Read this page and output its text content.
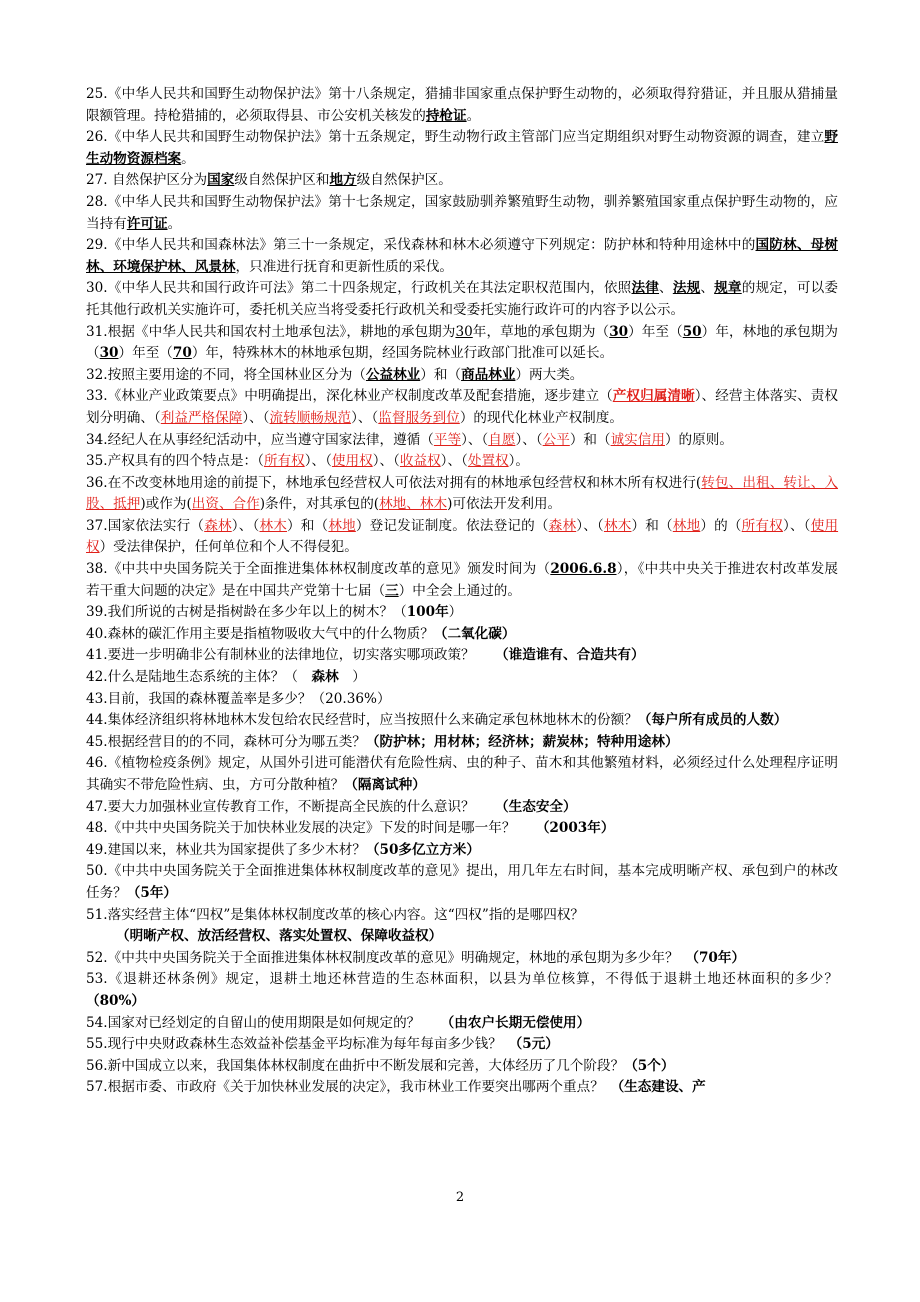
25.《中华人民共和国野生动物保护法》第十八条规定，猎捕非国家重点保护野生动物的，必须取得狩猎证，并且服从猎捕量限额管理。持枪猎捕的，必须取得县、市公安机关核发的持枪证。

26.《中华人民共和国野生动物保护法》第十五条规定，野生动物行政主管部门应当定期组织对野生动物资源的调查，建立野生动物资源档案。

27. 自然保护区分为国家级自然保护区和地方级自然保护区。

28.《中华人民共和国野生动物保护法》第十七条规定，国家鼓励驯养繁殖野生动物，驯养繁殖国家重点保护野生动物的，应当持有许可证。

29.《中华人民共和国森林法》第三十一条规定，采伐森林和林木必须遵守下列规定：防护林和特种用途林中的国防林、母树林、环境保护林、风景林，只准进行抚育和更新性质的采伐。

30.《中华人民共和国行政许可法》第二十四条规定，行政机关在其法定职权范围内，依照法律、法规、规章的规定，可以委托其他行政机关实施许可，委托机关应当将受委托行政机关和受委托实施行政许可的内容予以公示。

31.根据《中华人民共和国农村土地承包法》，耕地的承包期为30年，草地的承包期为（30）年至（50）年，林地的承包期为（30）年至（70）年，特殊林木的林地承包期，经国务院林业行政部门批准可以延长。

32.按照主要用途的不同，将全国林业区分为（公益林业）和（商品林业）两大类。

33.《林业产业政策要点》中明确提出，深化林业产权制度改革及配套措施，逐步建立（产权归属清晰）、经营主体落实、责权划分明确、（利益严格保障）、（流转顺畅规范）、（监督服务到位）的现代化林业产权制度。

34.经纪人在从事经纪活动中，应当遵守国家法律，遵循（平等）、（自愿）、（公平）和（诚实信用）的原则。

35.产权具有的四个特点是：（所有权）、（使用权）、（收益权）、（处置权）。

36.在不改变林地用途的前提下，林地承包经营权人可依法对拥有的林地承包经营权和林木所有权进行(转包、出租、转让、入股、抵押)或作为(出资、合作)条件，对其承包的(林地、林木)可依法开发利用。

37.国家依法实行（森林）、（林木）和（林地）登记发证制度。依法登记的（森林）、（林木）和（林地）的（所有权）、（使用权）受法律保护，任何单位和个人不得侵犯。

38.《中共中央国务院关于全面推进集体林权制度改革的意见》颁发时间为（2006.6.8），《中共中央关于推进农村改革发展若干重大问题的决定》是在中国共产党第十七届（三）中全会上通过的。

39.我们所说的古树是指树龄在多少年以上的树木？（100年）

40.森林的碳汇作用主要是指植物吸收大气中的什么物质？（二氧化碳）

41.要进一步明确非公有制林业的法律地位，切实落实哪项政策？　　（谁造谁有、合造共有）

42.什么是陆地生态系统的主体？（　森林　）

43.目前，我国的森林覆盖率是多少？（20.36%）

44.集体经济组织将林地林木发包给农民经营时，应当按照什么来确定承包林地林木的份额？（每户所有成员的人数）

45.根据经营目的的不同，森林可分为哪五类？（防护林；用材林；经济林；薪炭林；特种用途林）

46.《植物检疫条例》规定，从国外引进可能潜伏有危险性病、虫的种子、苗木和其他繁殖材料，必须经过什么处理程序证明其确实不带危险性病、虫，方可分散种植？（隔离试种）

47.要大力加强林业宣传教育工作，不断提高全民族的什么意识？　　（生态安全）

48.《中共中央国务院关于加快林业发展的决定》下发的时间是哪一年？　　（2003年）

49.建国以来，林业共为国家提供了多少木材？（50多亿立方米）

50.《中共中央国务院关于全面推进集体林权制度改革的意见》提出，用几年左右时间，基本完成明晰产权、承包到户的林改任务？（5年）

51.落实经营主体“四权”是集体林权制度改革的核心内容。这“四权”指的是哪四权？

（明晰产权、放活经营权、落实处置权、保障收益权）

52.《中共中央国务院关于全面推进集体林权制度改革的意见》明确规定，林地的承包期为多少年？　（70年）

53.《退耕还林条例》规定，退耕土地还林营造的生态林面积，以县为单位核算，不得低于退耕土地还林面积的多少？（80%）

54.国家对已经划定的自留山的使用期限是如何规定的？　　（由农户长期无偿使用）

55.现行中央财政森林生态效益补偿基金平均标准为每年每亩多少钱？　（5元）

56.新中国成立以来，我国集体林权制度在曲折中不断发展和完善，大体经历了几个阶段？（5个）

57.根据市委、市政府《关于加快林业发展的决定》，我市林业工作要突出哪两个重点？　（生态建设、产

2
